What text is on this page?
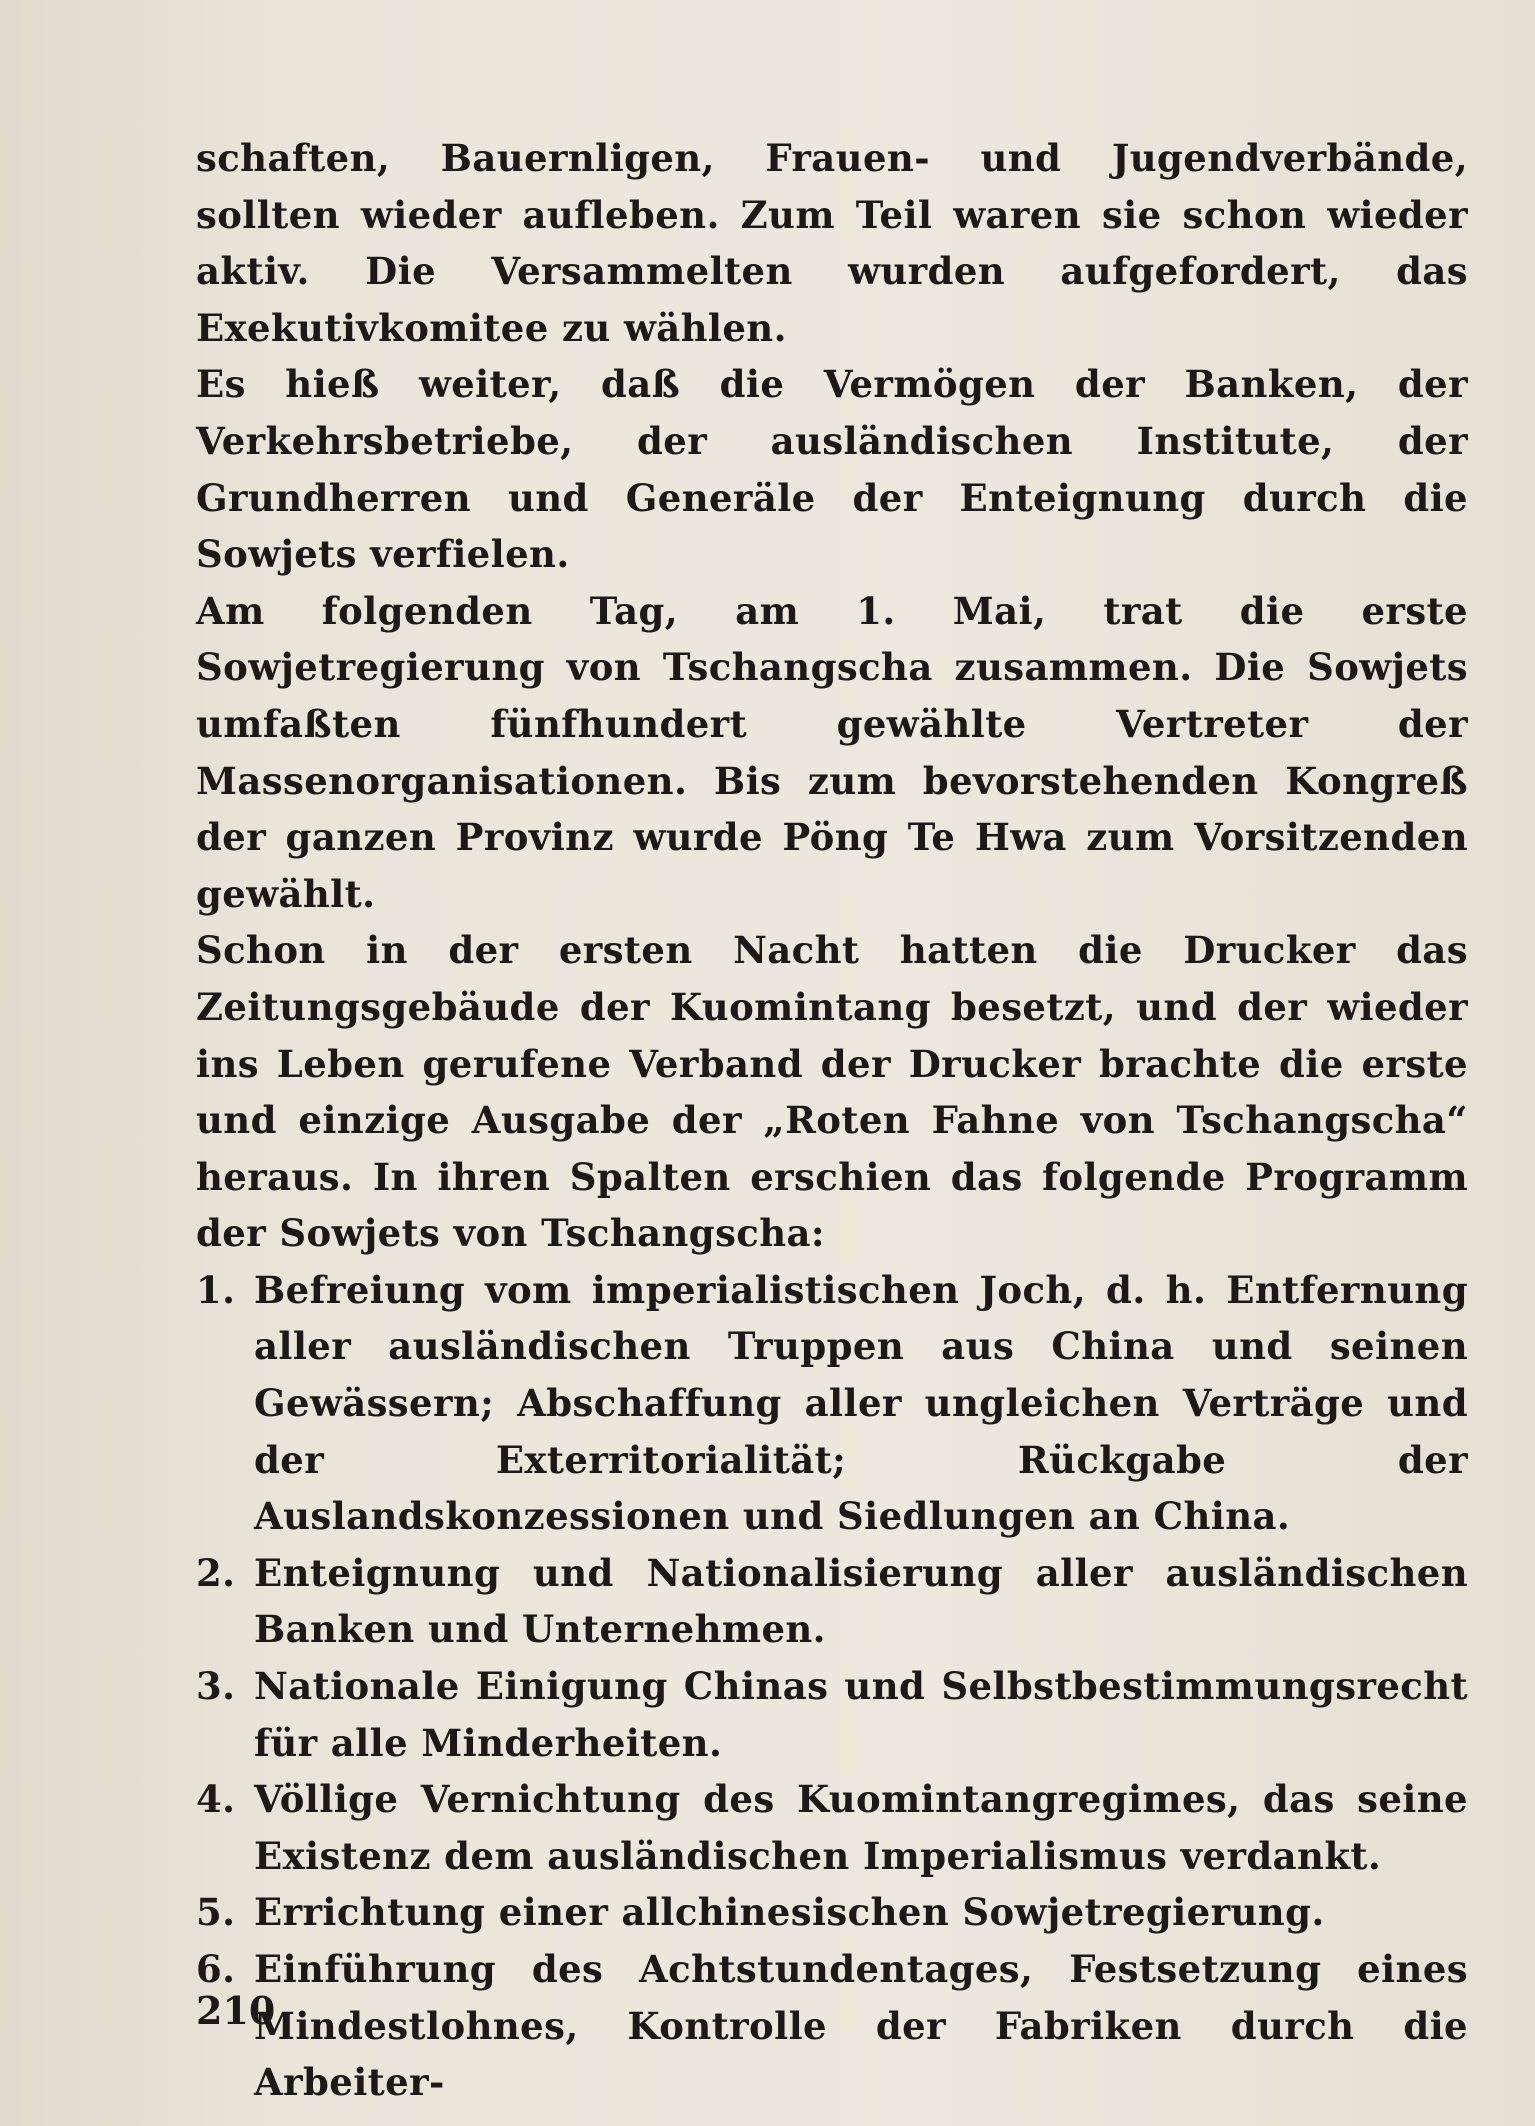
schaften, Bauernligen, Frauen- und Jugendverbände, sollten wieder aufleben. Zum Teil waren sie schon wieder aktiv. Die Versammelten wurden aufgefordert, das Exekutivkomitee zu wählen.

Es hieß weiter, daß die Vermögen der Banken, der Verkehrsbetriebe, der ausländischen Institute, der Grundherren und Generäle der Enteignung durch die Sowjets verfielen.

Am folgenden Tag, am 1. Mai, trat die erste Sowjetregierung von Tschangscha zusammen. Die Sowjets umfaßten fünfhundert gewählte Vertreter der Massenorganisationen. Bis zum bevorstehenden Kongreß der ganzen Provinz wurde Pöng Te Hwa zum Vorsitzenden gewählt.

Schon in der ersten Nacht hatten die Drucker das Zeitungsgebäude der Kuomintang besetzt, und der wieder ins Leben gerufene Verband der Drucker brachte die erste und einzige Ausgabe der „Roten Fahne von Tschangscha“ heraus. In ihren Spalten erschien das folgende Programm der Sowjets von Tschangscha:

1. Befreiung vom imperialistischen Joch, d. h. Entfernung aller ausländischen Truppen aus China und seinen Gewässern; Abschaffung aller ungleichen Verträge und der Exterritorialität; Rückgabe der Auslandskonzessionen und Siedlungen an China.
2. Enteignung und Nationalisierung aller ausländischen Banken und Unternehmen.
3. Nationale Einigung Chinas und Selbstbestimmungsrecht für alle Minderheiten.
4. Völlige Vernichtung des Kuomintangregimes, das seine Existenz dem ausländischen Imperialismus verdankt.
5. Errichtung einer allchinesischen Sowjetregierung.
6. Einführung des Achtstundentages, Festsetzung eines Mindestlohnes, Kontrolle der Fabriken durch die Arbeiter-
210
